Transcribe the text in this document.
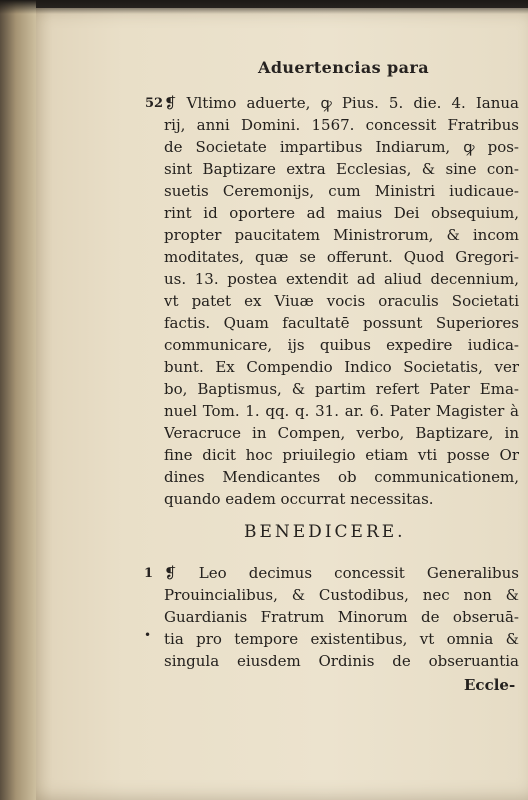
Aduertencias para
52 ❡ Vltimo aduerte, ꝙ Pius. 5. die. 4. Ianua
rij, anni Domini. 1567. concessit Fratribus
de Societate impartibus Indiarum, ꝙ pos-
sint Baptizare extra Ecclesias, & sine con-
suetis Ceremonijs, cum Ministri iudicaue-
rint id oportere ad maius Dei obsequium,
propter paucitatem Ministrorum, & incom
moditates, quæ se offerunt. Quod Gregori-
us. 13. postea extendit ad aliud decennium,
vt patet ex Viuæ vocis oraculis Societati
factis. Quam facultatē possunt Superiores
communicare, ijs quibus expedire iudica-
bunt. Ex Compendio Indico Societatis, ver
bo, Baptismus, & partim refert Pater Ema-
nuel Tom. 1. qq. q. 31. ar. 6. Pater Magister à
Veracruce in Compen, verbo, Baptizare, in
fine dicit hoc priuilegio etiam vti posse Or
dines Mendicantes ob communicationem,
quando eadem occurrat necessitas.
BENEDICERE.
1
•
❡ Leo decimus concessit Generalibus
Prouincialibus, & Custodibus, nec non &
Guardianis Fratrum Minorum de obseruā-
tia pro tempore existentibus, vt omnia &
singula eiusdem Ordinis de obseruantia
Eccle-
